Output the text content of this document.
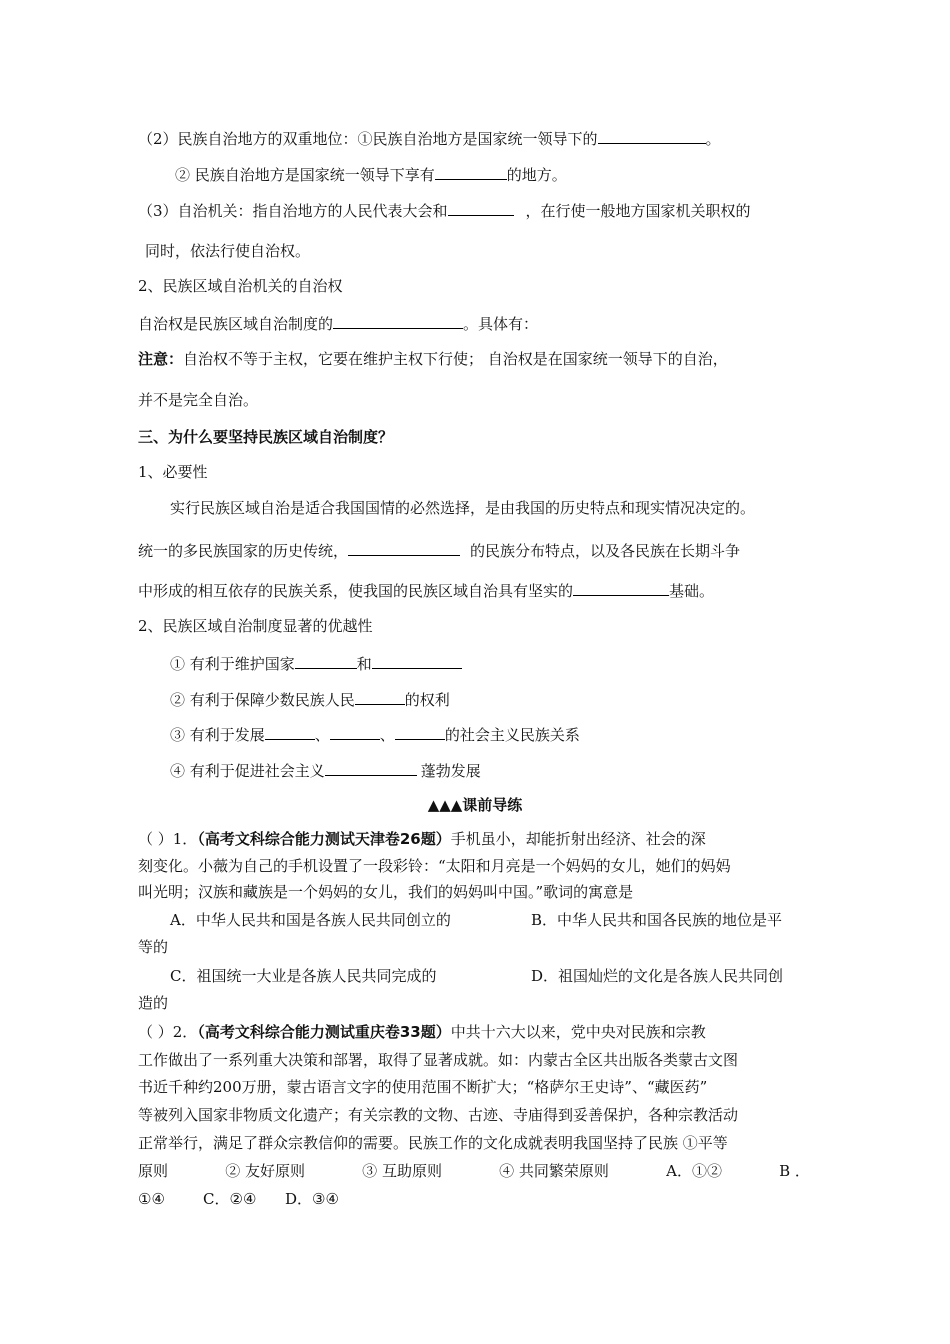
（2）民族自治地方的双重地位：①民族自治地方是国家统一领导下的	。
② 民族自治地方是国家统一领导下享有	的地方。
（3）自治机关：指自治地方的人民代表大会和	，在行使一般地方国家机关职权的
同时，依法行使自治权。
2、民族区域自治机关的自治权
自治权是民族区域自治制度的	。具体有：
注意：自治权不等于主权，它要在维护主权下行使； 自治权是在国家统一领导下的自治，
并不是完全自治。
三、为什么要坚持民族区域自治制度？
1、必要性
实行民族区域自治是适合我国国情的必然选择，是由我国的历史特点和现实情况决定的。
统一的多民族国家的历史传统，	的民族分布特点，以及各民族在长期斗争
中形成的相互依存的民族关系，使我国的民族区域自治具有坚实的	基础。
2、民族区域自治制度显著的优越性
① 有利于维护国家	和
② 有利于保障少数民族人民	的权利
③ 有利于发展	、	、	的社会主义民族关系
④ 有利于促进社会主义	蓬勃发展
▲▲▲课前导练
（ ）1．（高考文科综合能力测试天津卷26题）手机虽小，却能折射出经济、社会的深
刻变化。小薇为自己的手机设置了一段彩铃：“太阳和月亮是一个妈妈的女儿，她们的妈妈
叫光明；汉族和藏族是一个妈妈的女儿，我们的妈妈叫中国。”歌词的寓意是
A．中华人民共和国是各族人民共同创立的	B．中华人民共和国各民族的地位是平
等的
C．祖国统一大业是各族人民共同完成的	D．祖国灿烂的文化是各族人民共同创
造的
（ ）2．（高考文科综合能力测试重庆卷33题）中共十六大以来，党中央对民族和宗教
工作做出了一系列重大决策和部署，取得了显著成就。如：内蒙古全区共出版各类蒙古文图
书近千种约200万册，蒙古语言文字的使用范围不断扩大；“格萨尔王史诗”、“藏医药”
等被列入国家非物质文化遗产；有关宗教的文物、古迹、寺庙得到妥善保护，各种宗教活动
正常举行，满足了群众宗教信仰的需要。民族工作的文化成就表明我国坚持了民族 ①平等
原则	② 友好原则	③ 互助原则	④ 共同繁荣原则	A．①②	B ．
①④        C．②④      D．③④
